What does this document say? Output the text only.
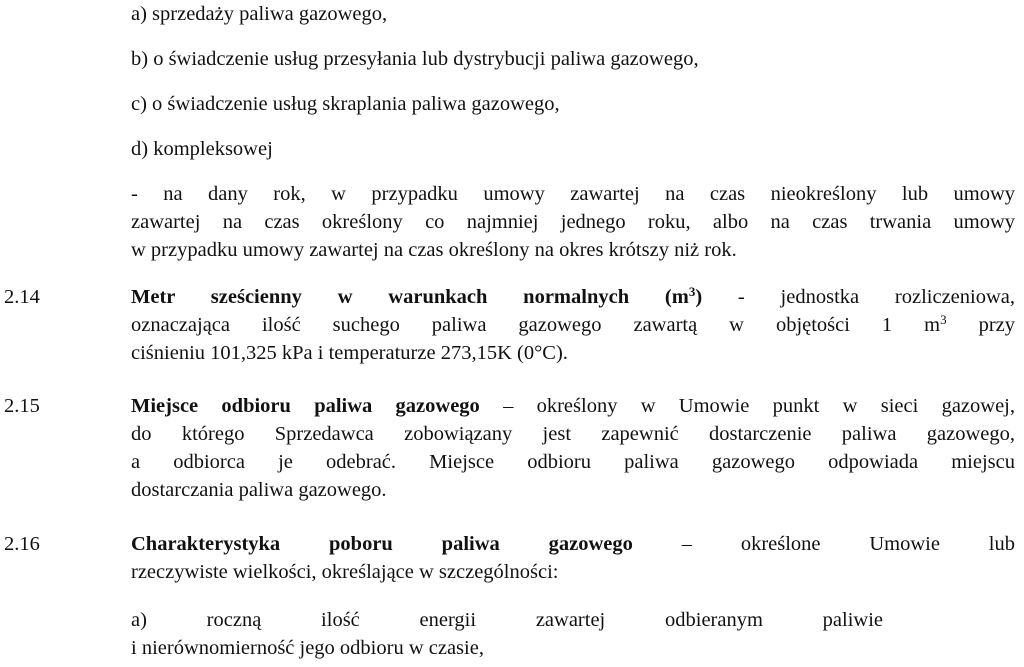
a) sprzedaży paliwa gazowego,
b) o świadczenie usług przesyłania lub dystrybucji paliwa gazowego,
c) o świadczenie usług skraplania paliwa gazowego,
d) kompleksowej
- na dany rok, w przypadku umowy zawartej na czas nieokreślony lub umowy
zawartej na czas określony co najmniej jednego roku, albo na czas trwania umowy
w przypadku umowy zawartej na czas określony na okres krótszy niż rok.
2.14	Metr sześcienny w warunkach normalnych $(m^3)$ - jednostka rozliczeniowa,
oznaczająca ilość suchego paliwa gazowego zawartą w objętości 1 $m^3$ przy
ciśnieniu 101,325 kPa i temperaturze 273,15K (0°C).
2.15	Miejsce odbioru paliwa gazowego – określony w Umowie punkt w sieci gazowej,
do którego Sprzedawca zobowiązany jest zapewnić dostarczenie paliwa gazowego,
a odbiorca je odebrać. Miejsce odbioru paliwa gazowego odpowiada miejscu
dostarczania paliwa gazowego.
2.16	Charakterystyka poboru paliwa gazowego – określone Umowie lub
rzeczywiste wielkości, określające w szczególności:
a) roczną ilość energii zawartej odbieranym paliwie
i nierównomierność jego odbioru w czasie,
